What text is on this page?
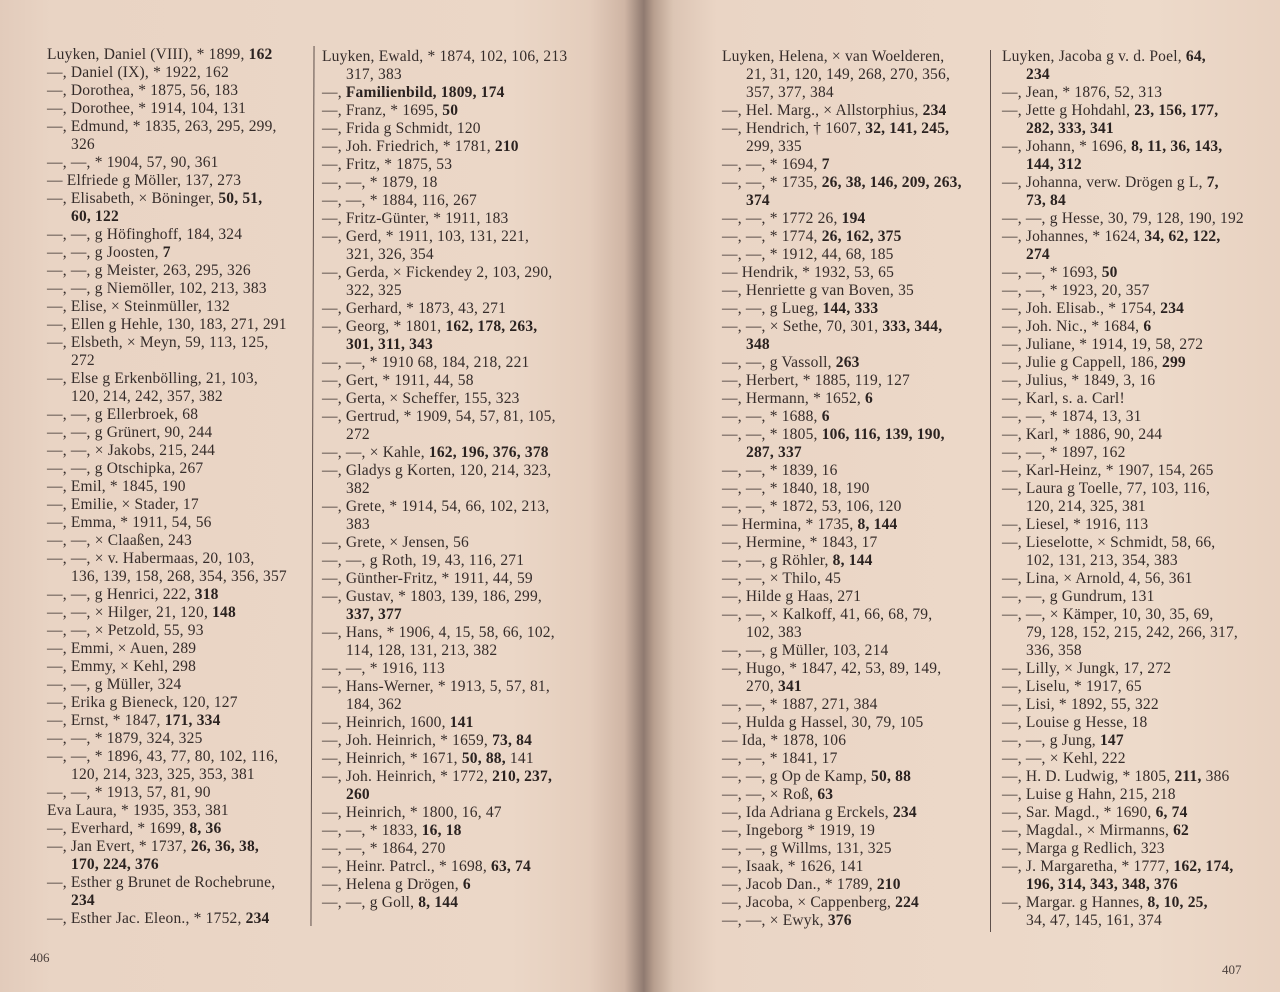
Luyken, Daniel (VIII), * 1899, 162
—, Daniel (IX), * 1922, 162
—, Dorothea, * 1875, 56, 183
—, Dorothee, * 1914, 104, 131
—, Edmund, * 1835, 263, 295, 299,
326
—, —, * 1904, 57, 90, 361
— Elfriede g Möller, 137, 273
—, Elisabeth, × Böninger, 50, 51,
60, 122
—, —, g Höfinghoff, 184, 324
—, —, g Joosten, 7
—, —, g Meister, 263, 295, 326
—, —, g Niemöller, 102, 213, 383
—, Elise, × Steinmüller, 132
—, Ellen g Hehle, 130, 183, 271, 291
—, Elsbeth, × Meyn, 59, 113, 125,
272
—, Else g Erkenbölling, 21, 103,
120, 214, 242, 357, 382
—, —, g Ellerbroek, 68
—, —, g Grünert, 90, 244
—, —, × Jakobs, 215, 244
—, —, g Otschipka, 267
—, Emil, * 1845, 190
—, Emilie, × Stader, 17
—, Emma, * 1911, 54, 56
—, —, × Claaßen, 243
—, —, × v. Habermaas, 20, 103,
136, 139, 158, 268, 354, 356, 357
—, —, g Henrici, 222, 318
—, —, × Hilger, 21, 120, 148
—, —, × Petzold, 55, 93
—, Emmi, × Auen, 289
—, Emmy, × Kehl, 298
—, —, g Müller, 324
—, Erika g Bieneck, 120, 127
—, Ernst, * 1847, 171, 334
—, —, * 1879, 324, 325
—, —, * 1896, 43, 77, 80, 102, 116,
120, 214, 323, 325, 353, 381
—, —, * 1913, 57, 81, 90
Eva Laura, * 1935, 353, 381
—, Everhard, * 1699, 8, 36
—, Jan Evert, * 1737, 26, 36, 38,
170, 224, 376
—, Esther g Brunet de Rochebrune,
234
—, Esther Jac. Eleon., * 1752, 234
Luyken, Ewald, * 1874, 102, 106, 213
317, 383
—, Familienbild, 1809, 174
—, Franz, * 1695, 50
—, Frida g Schmidt, 120
—, Joh. Friedrich, * 1781, 210
—, Fritz, * 1875, 53
—, —, * 1879, 18
—, —, * 1884, 116, 267
—, Fritz-Günter, * 1911, 183
—, Gerd, * 1911, 103, 131, 221,
321, 326, 354
—, Gerda, × Fickendey 2, 103, 290,
322, 325
—, Gerhard, * 1873, 43, 271
—, Georg, * 1801, 162, 178, 263,
301, 311, 343
—, —, * 1910 68, 184, 218, 221
—, Gert, * 1911, 44, 58
—, Gerta, × Scheffer, 155, 323
—, Gertrud, * 1909, 54, 57, 81, 105,
272
—, —, × Kahle, 162, 196, 376, 378
—, Gladys g Korten, 120, 214, 323,
382
—, Grete, * 1914, 54, 66, 102, 213,
383
—, Grete, × Jensen, 56
—, —, g Roth, 19, 43, 116, 271
—, Günther-Fritz, * 1911, 44, 59
—, Gustav, * 1803, 139, 186, 299,
337, 377
—, Hans, * 1906, 4, 15, 58, 66, 102,
114, 128, 131, 213, 382
—, —, * 1916, 113
—, Hans-Werner, * 1913, 5, 57, 81,
184, 362
—, Heinrich, 1600, 141
—, Joh. Heinrich, * 1659, 73, 84
—, Heinrich, * 1671, 50, 88, 141
—, Joh. Heinrich, * 1772, 210, 237,
260
—, Heinrich, * 1800, 16, 47
—, —, * 1833, 16, 18
—, —, * 1864, 270
—, Heinr. Patrcl., * 1698, 63, 74
—, Helena g Drögen, 6
—, —, g Goll, 8, 144
406
Luyken, Helena, × van Woelderen,
21, 31, 120, 149, 268, 270, 356,
357, 377, 384
—, Hel. Marg., × Allstorphius, 234
—, Hendrich, † 1607, 32, 141, 245,
299, 335
—, —, * 1694, 7
—, —, * 1735, 26, 38, 146, 209, 263,
374
—, —, * 1772 26, 194
—, —, * 1774, 26, 162, 375
—, —, * 1912, 44, 68, 185
— Hendrik, * 1932, 53, 65
—, Henriette g van Boven, 35
—, —, g Lueg, 144, 333
—, —, × Sethe, 70, 301, 333, 344,
348
—, —, g Vassoll, 263
—, Herbert, * 1885, 119, 127
—, Hermann, * 1652, 6
—, —, * 1688, 6
—, —, * 1805, 106, 116, 139, 190,
287, 337
—, —, * 1839, 16
—, —, * 1840, 18, 190
—, —, * 1872, 53, 106, 120
— Hermina, * 1735, 8, 144
—, Hermine, * 1843, 17
—, —, g Röhler, 8, 144
—, —, × Thilo, 45
—, Hilde g Haas, 271
—, —, × Kalkoff, 41, 66, 68, 79,
102, 383
—, —, g Müller, 103, 214
—, Hugo, * 1847, 42, 53, 89, 149,
270, 341
—, —, * 1887, 271, 384
—, Hulda g Hassel, 30, 79, 105
— Ida, * 1878, 106
—, —, * 1841, 17
—, —, g Op de Kamp, 50, 88
—, —, × Roß, 63
—, Ida Adriana g Erckels, 234
—, Ingeborg * 1919, 19
—, —, g Willms, 131, 325
—, Isaak, * 1626, 141
—, Jacob Dan., * 1789, 210
—, Jacoba, × Cappenberg, 224
—, —, × Ewyk, 376
Luyken, Jacoba g v. d. Poel, 64,
234
—, Jean, * 1876, 52, 313
—, Jette g Hohdahl, 23, 156, 177,
282, 333, 341
—, Johann, * 1696, 8, 11, 36, 143,
144, 312
—, Johanna, verw. Drögen g L, 7,
73, 84
—, —, g Hesse, 30, 79, 128, 190, 192
—, Johannes, * 1624, 34, 62, 122,
274
—, —, * 1693, 50
—, —, * 1923, 20, 357
—, Joh. Elisab., * 1754, 234
—, Joh. Nic., * 1684, 6
—, Juliane, * 1914, 19, 58, 272
—, Julie g Cappell, 186, 299
—, Julius, * 1849, 3, 16
—, Karl, s. a. Carl!
—, —, * 1874, 13, 31
—, Karl, * 1886, 90, 244
—, —, * 1897, 162
—, Karl-Heinz, * 1907, 154, 265
—, Laura g Toelle, 77, 103, 116,
120, 214, 325, 381
—, Liesel, * 1916, 113
—, Lieselotte, × Schmidt, 58, 66,
102, 131, 213, 354, 383
—, Lina, × Arnold, 4, 56, 361
—, —, g Gundrum, 131
—, —, × Kämper, 10, 30, 35, 69,
79, 128, 152, 215, 242, 266, 317,
336, 358
—, Lilly, × Jungk, 17, 272
—, Liselu, * 1917, 65
—, Lisi, * 1892, 55, 322
—, Louise g Hesse, 18
—, —, g Jung, 147
—, —, × Kehl, 222
—, H. D. Ludwig, * 1805, 211, 386
—, Luise g Hahn, 215, 218
—, Sar. Magd., * 1690, 6, 74
—, Magdal., × Mirmanns, 62
—, Marga g Redlich, 323
—, J. Margaretha, * 1777, 162, 174,
196, 314, 343, 348, 376
—, Margar. g Hannes, 8, 10, 25,
34, 47, 145, 161, 374
407
